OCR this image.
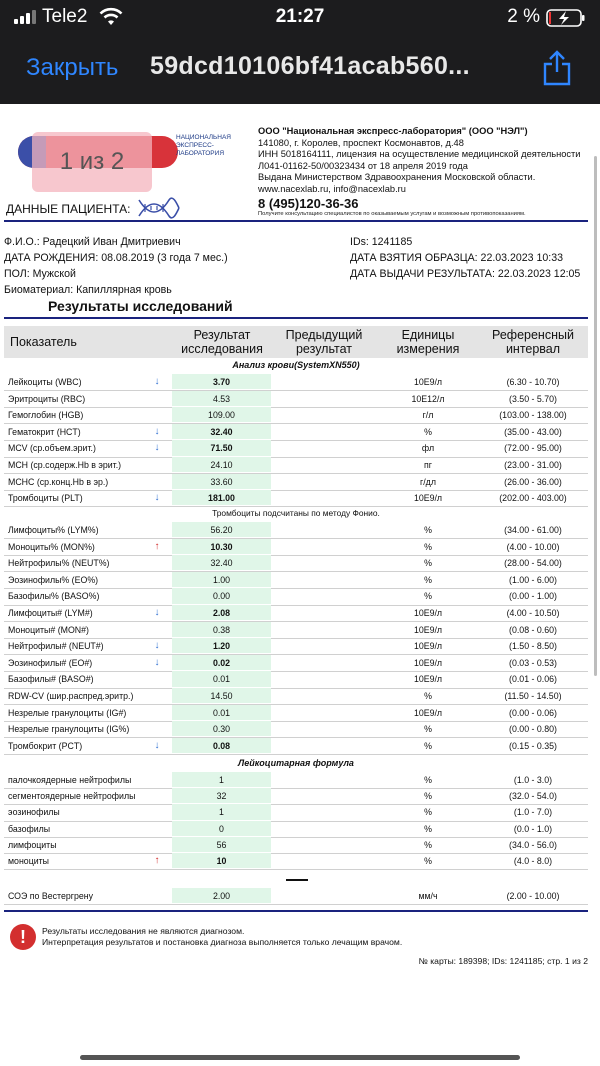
Tele2	21:27	2 %
Закрыть 59dcd10106bf41acab560...
НАЦИОНАЛЬНАЯ ЭКСПРЕСС-ЛАБОРАТОРИЯ
1 из 2
ДАННЫЕ ПАЦИЕНТА:
ООО "Национальная экспресс-лаборатория" (ООО "НЭЛ")
141080, г. Королев, проспект Космонавтов, д.48
ИНН 5018164111, лицензия на осуществление медицинской деятельности
Л041-01162-50/00323434 от 18 апреля 2019 года
Выдана Министерством Здравоохранения Московской области.
www.nacexlab.ru, info@nacexlab.ru
8 (495)120-36-36
Получите консультацию специалистов по оказываемым услугам и возможным противопоказаниям.
Ф.И.О.: Радецкий Иван Дмитриевич
ДАТА РОЖДЕНИЯ: 08.08.2019 (3 года 7 мес.)
ПОЛ: Мужской
Биоматериал: Капиллярная кровь
IDs: 1241185
ДАТА ВЗЯТИЯ ОБРАЗЦА: 22.03.2023 10:33
ДАТА ВЫДАЧИ РЕЗУЛЬТАТА: 22.03.2023 12:05
Результаты исследований
Показатель	Результат
исследования
Предыдущий
результат
Единицы
измерения
Референсный
интервал
Анализ крови(SystemXN550)
Лейкоциты (WBC)	↓	3.70	10E9/л	(6.30 - 10.70)
Эритроциты (RBC)	4.53	10E12/л	(3.50 - 5.70)
Гемоглобин (HGB)	109.00	г/л	(103.00 - 138.00)
Гематокрит (HCT)	↓	32.40	%	(35.00 - 43.00)
MCV (ср.объем.эрит.)	↓	71.50	фл	(72.00 - 95.00)
MCH (ср.содерж.Hb в эрит.)	24.10	пг	(23.00 - 31.00)
MCHC (ср.конц.Hb в эр.)	33.60	г/дл	(26.00 - 36.00)
Тромбоциты (PLT)	↓	181.00	10E9/л	(202.00 - 403.00)
Тромбоциты подсчитаны по методу Фонио.
Лимфоциты% (LYM%)	56.20	%	(34.00 - 61.00)
Моноциты% (MON%)	↑	10.30	%	(4.00 - 10.00)
Нейтрофилы% (NEUT%)	32.40	%	(28.00 - 54.00)
Эозинофилы% (EO%)	1.00	%	(1.00 - 6.00)
Базофилы% (BASO%)	0.00	%	(0.00 - 1.00)
Лимфоциты# (LYM#)	↓	2.08	10E9/л	(4.00 - 10.50)
Моноциты# (MON#)	0.38	10E9/л	(0.08 - 0.60)
Нейтрофилы# (NEUT#)	↓	1.20	10E9/л	(1.50 - 8.50)
Эозинофилы# (EO#)	↓	0.02	10E9/л	(0.03 - 0.53)
Базофилы# (BASO#)	0.01	10E9/л	(0.01 - 0.06)
RDW-CV (шир.распред.эритр.)	14.50	%	(11.50 - 14.50)
Незрелые гранулоциты (IG#)	0.01	10E9/л	(0.00 - 0.06)
Незрелые гранулоциты (IG%)	0.30	%	(0.00 - 0.80)
Тромбокрит (PCT)	↓	0.08	%	(0.15 - 0.35)
Лейкоцитарная формула
палочкоядерные нейтрофилы	1	%	(1.0 - 3.0)
сегментоядерные нейтрофилы	32	%	(32.0 - 54.0)
эозинофилы	1	%	(1.0 - 7.0)
базофилы	0	%	(0.0 - 1.0)
лимфоциты	56	%	(34.0 - 56.0)
моноциты	↑	10	%	(4.0 - 8.0)
СОЭ по Вестергрену	2.00	мм/ч	(2.00 - 10.00)
!	Результаты исследования не являются диагнозом.
Интерпретация результатов и постановка диагноза выполняется только лечащим врачом.
№ карты: 189398; IDs: 1241185; стр. 1 из 2
